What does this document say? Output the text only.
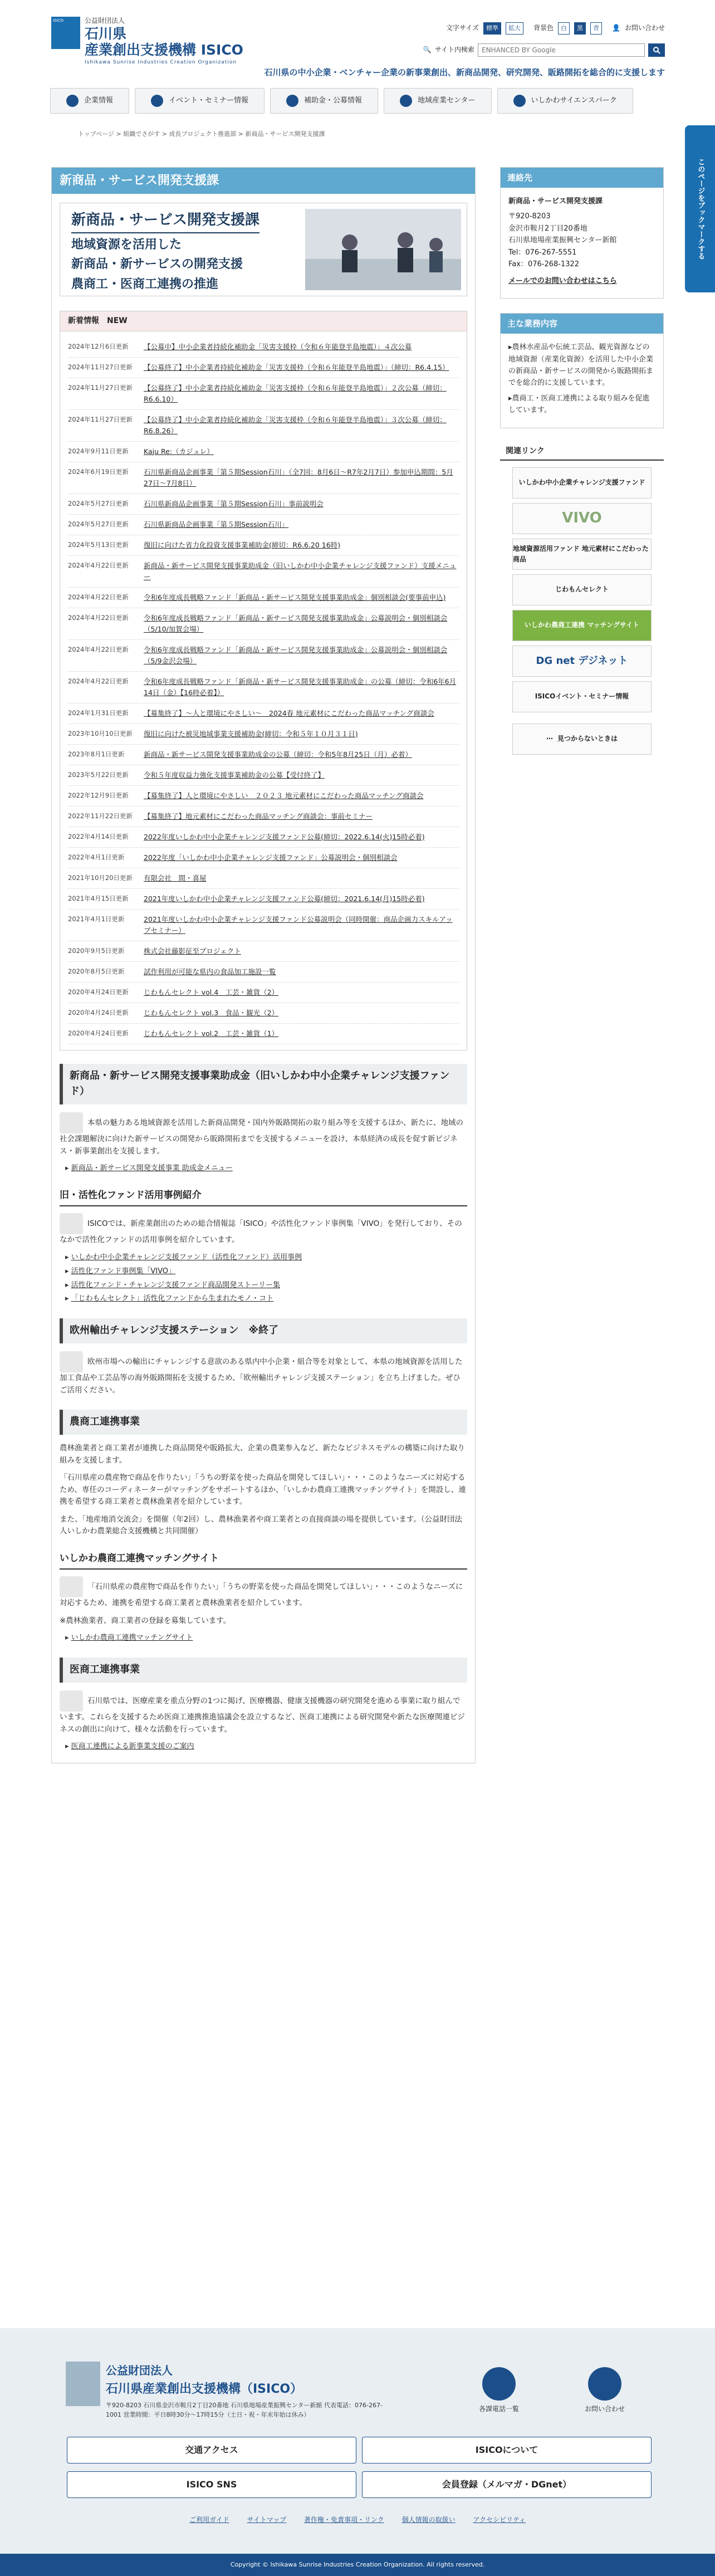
ISICO	公益財団法人
石川県
産業創出支援機構 ISICO
Ishikawa Sunrise Industries Creation Organization
文字サイズ	標準	拡大	背景色	白	黒	青	👤 お問い合わせ
🔍 サイト内検索
ENHANCED BY Google
石川県の中小企業・ベンチャー企業の新事業創出、新商品開発、研究開発、販路開拓を総合的に支援します
企業情報	イベント・セミナー情報	補助金・公募情報	地域産業センター	いしかわサイエンスパーク
トップページ > 組織でさがす > 成長プロジェクト推進部 > 新商品・サービス開発支援課
このページをブックマークする
新商品・サービス開発支援課
新商品・サービス開発支援課
地域資源を活用した
新商品・新サービスの開発支援
農商工・医商工連携の推進
新着情報　NEW
2024年12月6日更新	【公募中】中小企業者持続化補助金「災害支援枠（令和６年能登半島地震）」４次公募
2024年11月27日更新	【公募終了】中小企業者持続化補助金「災害支援枠（令和６年能登半島地震）」（締切：R6.4.15）
2024年11月27日更新	【公募終了】中小企業者持続化補助金「災害支援枠（令和６年能登半島地震）」２次公募（締切：R6.6.10）
2024年11月27日更新	【公募終了】中小企業者持続化補助金「災害支援枠（令和６年能登半島地震）」３次公募（締切：R6.8.26）
2024年9月11日更新	Kaju Re:（カジュレ）
2024年6月19日更新	石川県新商品企画事業「第５期Session石川」（全7回：8月6日〜R7年2月7日）参加申込期間：5月27日〜7月8日）
2024年5月27日更新	石川県新商品企画事業「第５期Session石川」事前説明会
2024年5月27日更新	石川県新商品企画事業「第５期Session石川」
2024年5月13日更新	復旧に向けた省力化投資支援事業補助金(締切：R6.6.20 16時)
2024年4月22日更新	新商品・新サービス開発支援事業助成金（旧いしかわ中小企業チャレンジ支援ファンド）支援メニュー
2024年4月22日更新	令和6年度成長戦略ファンド「新商品・新サービス開発支援事業助成金」個別相談会(要事前申込)
2024年4月22日更新	令和6年度成長戦略ファンド「新商品・新サービス開発支援事業助成金」公募説明会・個別相談会（5/10/加賀会場）
2024年4月22日更新	令和6年度成長戦略ファンド「新商品・新サービス開発支援事業助成金」公募説明会・個別相談会（5/9金沢会場）
2024年4月22日更新	令和6年度成長戦略ファンド「新商品・新サービス開発支援事業助成金」の公募（締切：令和6年6月14日（金）【16時必着】）
2024年1月31日更新	【募集終了】〜人と環境にやさしい〜　2024春 地元素材にこだわった商品マッチング商談会
2023年10月10日更新	復旧に向けた被災地域事業支援補助金(締切：令和５年１０月３１日)
2023年8月1日更新	新商品・新サービス開発支援事業助成金の公募（締切：令和5年8月25日（月）必着）
2023年5月22日更新	令和５年度収益力強化支援事業補助金の公募【受付終了】
2022年12月9日更新	【募集終了】人と環境にやさしい　２０２３ 地元素材にこだわった商品マッチング商談会
2022年11月22日更新	【募集終了】地元素材にこだわった商品マッチング商談会：事前セミナー
2022年4月14日更新	2022年度いしかわ中小企業チャレンジ支援ファンド公募(締切：2022.6.14(火)15時必着)
2022年4月1日更新	2022年度「いしかわ中小企業チャレンジ支援ファンド」公募説明会・個別相談会
2021年10月20日更新	有限会社　間・喜屋
2021年4月15日更新	2021年度いしかわ中小企業チャレンジ支援ファンド公募(締切：2021.6.14(月)15時必着)
2021年4月1日更新	2021年度いしかわ中小企業チャレンジ支援ファンド公募説明会（同時開催：商品企画力スキルアップセミナー）
2020年9月5日更新	株式会社藤影征至プロジェクト
2020年8月5日更新	試作利用が可能な県内の食品加工施設一覧
2020年4月24日更新	じわもんセレクト vol.4　工芸・雑貨（2）
2020年4月24日更新	じわもんセレクト vol.3　食品・観光（2）
2020年4月24日更新	じわもんセレクト vol.2　工芸・雑貨（1）
新商品・新サービス開発支援事業助成金（旧いしかわ中小企業チャレンジ支援ファンド）

本県の魅力ある地域資源を活用した新商品開発・国内外販路開拓の取り組み等を支援するほか、新たに、地域の社会課題解決に向けた新サービスの開発から販路開拓までを支援するメニューを設け、本県経済の成長を促す新ビジネス・新事業創出を支援します。

▸ 新商品・新サービス開発支援事業 助成金メニュー
旧・活性化ファンド活用事例紹介

ISICOでは、新産業創出のための総合情報誌「ISICO」や活性化ファンド事例集「VIVO」を発行しており、そのなかで活性化ファンドの活用事例を紹介しています。

▸ いしかわ中小企業チャレンジ支援ファンド（活性化ファンド）活用事例
▸ 活性化ファンド事例集「VIVO」
▸ 活性化ファンド・チャレンジ支援ファンド商品開発ストーリー集
▸ 「じわもんセレクト」活性化ファンドから生まれたモノ・コト
欧州輸出チャレンジ支援ステーション　※終了

欧州市場への輸出にチャレンジする意欲のある県内中小企業・組合等を対象として、本県の地域資源を活用した加工食品や工芸品等の海外販路開拓を支援するため、「欧州輸出チャレンジ支援ステーション」を立ち上げました。ぜひご活用ください。

農商工連携事業

農林漁業者と商工業者が連携した商品開発や販路拡大、企業の農業参入など、新たなビジネスモデルの構築に向けた取り組みを支援します。

「石川県産の農産物で商品を作りたい」「うちの野菜を使った商品を開発してほしい」・・・このようなニーズに対応するため、専任のコーディネーターがマッチングをサポートするほか、「いしかわ農商工連携マッチングサイト」を開設し、連携を希望する商工業者と農林漁業者を紹介しています。

また、「地産地消交流会」を開催（年2回）し、農林漁業者や商工業者との直接商談の場を提供しています。（公益財団法人いしかわ農業総合支援機構と共同開催）

いしかわ農商工連携マッチングサイト

「石川県産の農産物で商品を作りたい」「うちの野菜を使った商品を開発してほしい」・・・このようなニーズに対応するため、連携を希望する商工業者と農林漁業者を紹介しています。

※農林漁業者、商工業者の登録を募集しています。

▸ いしかわ農商工連携マッチングサイト
医商工連携事業

石川県では、医療産業を重点分野の1つに掲げ、医療機器、健康支援機器の研究開発を進める事業に取り組んでいます。これらを支援するため医商工連携推進協議会を設立するなど、医商工連携による研究開発や新たな医療関連ビジネスの創出に向けて、様々な活動を行っています。

▸ 医商工連携による新事業支援のご案内
連絡先

新商品・サービス開発支援課

〒920-8203
金沢市鞍月2丁目20番地
石川県地場産業振興センター新館
Tel：076-267-5551
Fax：076-268-1322

メールでのお問い合わせはこちら

主な業務内容

▸農林水産品や伝統工芸品、観光資源などの地域資源（産業化資源）を活用した中小企業の新商品・新サービスの開発から販路開拓までを総合的に支援しています。

▸農商工・医商工連携による取り組みを促進しています。

関連リンク
いしかわ中小企業チャレンジ支援ファンド
VIVO
地域資源活用ファンド 地元素材にこだわった商品
じわもんセレクト
いしかわ農商工連携 マッチングサイト
DG net デジネット
ISICOイベント・セミナー情報
⋯ 見つからないときは
公益財団法人
石川県産業創出支援機構（ISICO）
〒920-8203 石川県金沢市鞍月2丁目20番地 石川県地場産業振興センター新館 代表電話：076-267-1001 営業時間：平日8時30分〜17時15分（土日・祝・年末年始は休み）
各課電話一覧	お問い合わせ
交通アクセス	ISICOについて
ISICO SNS	会員登録（メルマガ・DGnet）
ご利用ガイド	サイトマップ	著作権・免責事項・リンク	個人情報の取扱い	アクセシビリティ
Copyright © Ishikawa Sunrise Industries Creation Organization. All rights reserved.
